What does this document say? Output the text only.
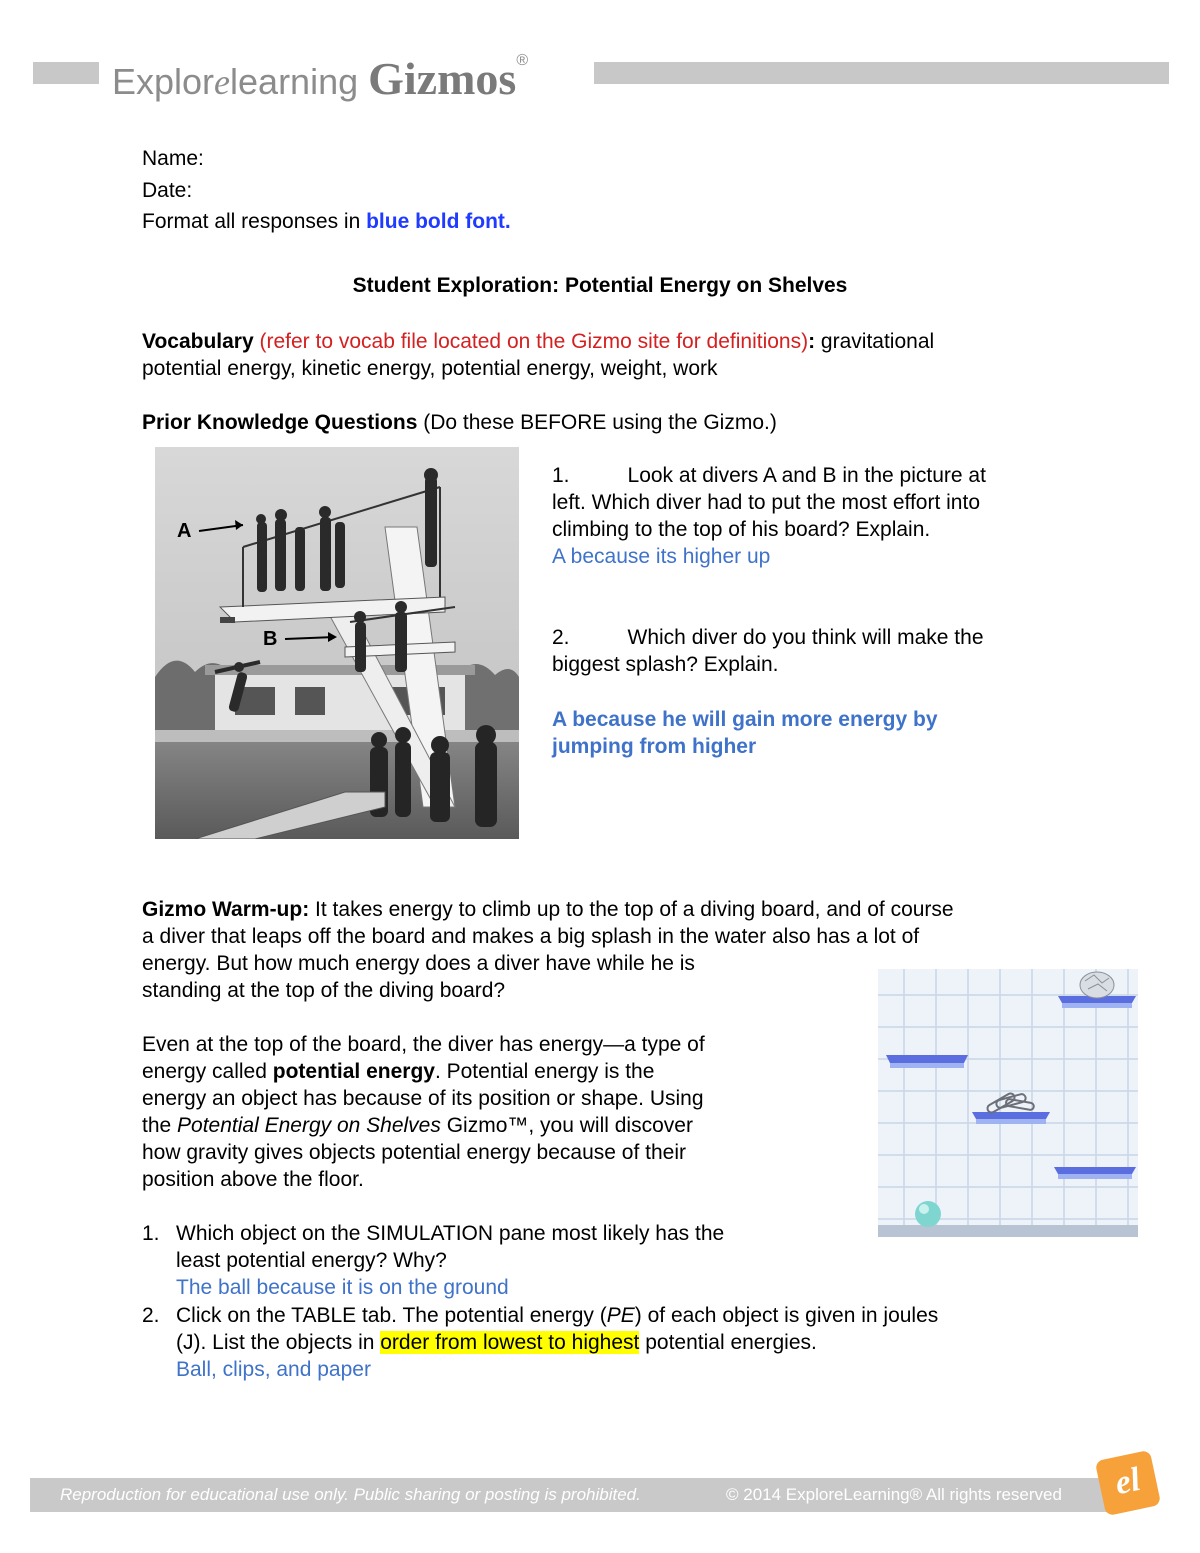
Explorelearning Gizmos®
Name:
Date:
Format all responses in blue bold font.
Student Exploration: Potential Energy on Shelves
Vocabulary (refer to vocab file located on the Gizmo site for definitions): gravitational
potential energy, kinetic energy, potential energy, weight, work
Prior Knowledge Questions (Do these BEFORE using the Gizmo.)
A
B
1.	Look at divers A and B in the picture at
left. Which diver had to put the most effort into
climbing to the top of his board? Explain.
A because its higher up
2.	Which diver do you think will make the
biggest splash? Explain.
A because he will gain more energy by
jumping from higher
Gizmo Warm-up: It takes energy to climb up to the top of a diving board, and of course
a diver that leaps off the board and makes a big splash in the water also has a lot of
energy. But how much energy does a diver have while he is
standing at the top of the diving board?
Even at the top of the board, the diver has energy—a type of
energy called potential energy. Potential energy is the
energy an object has because of its position or shape. Using
the Potential Energy on Shelves Gizmo™, you will discover
how gravity gives objects potential energy because of their
position above the floor.
1. Which object on the SIMULATION pane most likely has the
least potential energy? Why?
The ball because it is on the ground
2. Click on the TABLE tab. The potential energy (PE) of each object is given in joules
(J). List the objects in order from lowest to highest potential energies.
Ball, clips, and paper
Reproduction for educational use only. Public sharing or posting is prohibited.	© 2014 ExploreLearning® All rights reserved	el
